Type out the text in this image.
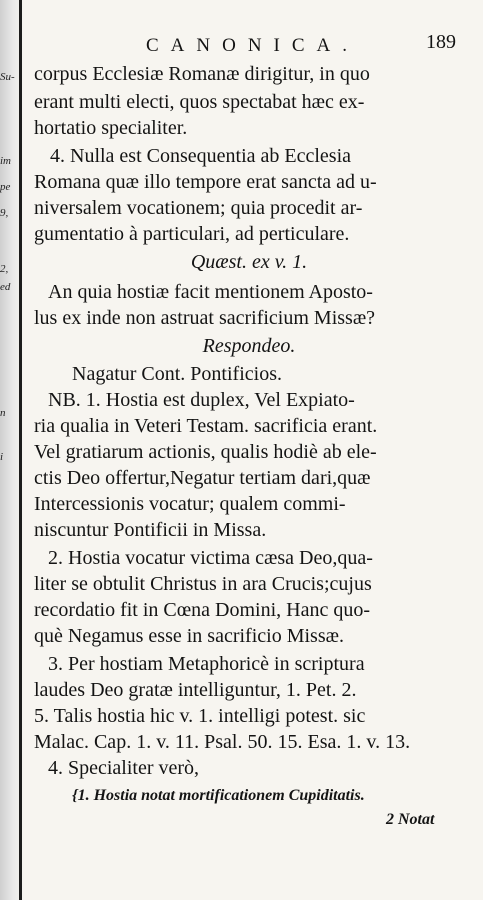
Su-
im
pe
9,
2,
ed
n
i
CANONICA.	189
corpus Ecclesiæ Romanæ dirigitur, in quo
erant multi electi, quos spectabat hæc ex-
hortatio specialiter.
4. Nulla est Consequentia ab Ecclesia
Romana quæ illo tempore erat sancta ad u-
niversalem vocationem; quia procedit ar-
gumentatio à particulari, ad perticulare.
Quæst. ex v. 1.
An quia hostiæ facit mentionem Aposto-
lus ex inde non astruat sacrificium Missæ?
Respondeo.
Nagatur Cont. Pontificios.
NB. 1. Hostia est duplex, Vel Expiato-
ria qualia in Veteri Testam. sacrificia erant.
Vel gratiarum actionis, qualis hodiè ab ele-
ctis Deo offertur,Negatur tertiam dari,quæ
Intercessionis vocatur; qualem commi-
niscuntur Pontificii in Missa.
2. Hostia vocatur victima cæsa Deo,qua-
liter se obtulit Christus in ara Crucis;cujus
recordatio fit in Cœna Domini, Hanc quo-
què Negamus esse in sacrificio Missæ.
3. Per hostiam Metaphoricè in scriptura
laudes Deo gratæ intelliguntur, 1. Pet. 2.
5. Talis hostia hic v. 1. intelligi potest. sic
Malac. Cap. 1. v. 11. Psal. 50. 15. Esa. 1. v. 13.
4. Specialiter verò,
{1. Hostia notat mortificationem Cupiditatis.
2 Notat
